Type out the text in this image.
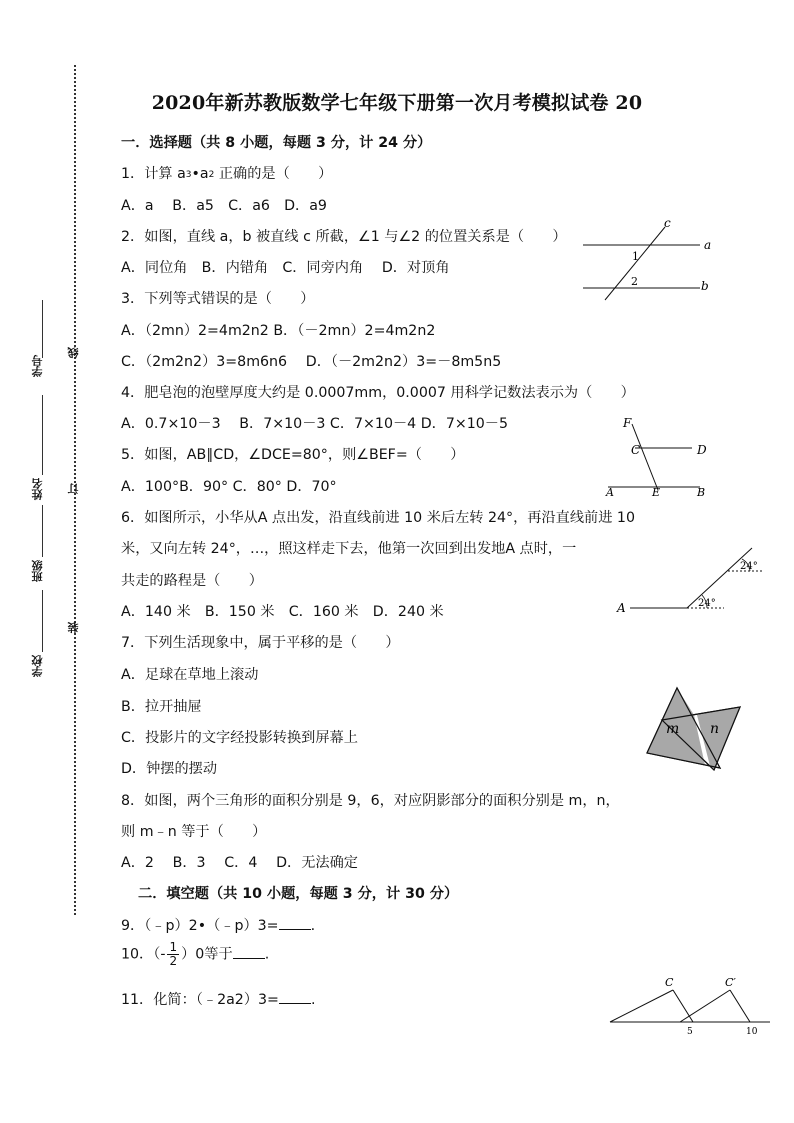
学号
姓名
班级
学校
线
订
装
2020年新苏教版数学七年级下册第一次月考模拟试卷 20
一．选择题（共 8 小题，每题 3 分，计 24 分）
1．计算 a3•a2 正确的是（　　）
A．a　 B．a5　C．a6　D．a9
2．如图，直线 a，b 被直线 c 所截，∠1 与∠2 的位置关系是（　　）
A．同位角　B．内错角　C．同旁内角　 D．对顶角
3．下列等式错误的是（　　）
A．（2mn）2=4m2n2 B．（－2mn）2=4m2n2
C．（2m2n2）3=8m6n6　 D．（－2m2n2）3=－8m5n5
4．肥皂泡的泡壁厚度大约是 0.0007mm，0.0007 用科学记数法表示为（　　）
A．0.7×10－3　 B．7×10－3 C．7×10－4 D．7×10－5
5．如图，AB∥CD，∠DCE=80°，则∠BEF=（　　）
A．100°B．90° C．80° D．70°
6．如图所示，小华从A 点出发，沿直线前进 10 米后左转 24°，再沿直线前进 10
米，又向左转 24°，…，照这样走下去，他第一次回到出发地A 点时，一
共走的路程是（　　）
A．140 米　B．150 米　C．160 米　D．240 米
7．下列生活现象中，属于平移的是（　　）
A．足球在草地上滚动
B．拉开抽屉
C．投影片的文字经投影转换到屏幕上
D．钟摆的摆动
8．如图，两个三角形的面积分别是 9，6，对应阴影部分的面积分别是 m，n，
则 m﹣n 等于（　　）
A．2　 B．3　 C．4　 D．无法确定
二．填空题（共 10 小题，每题 3 分，计 30 分）
9．（﹣p）2•（﹣p）3= .
10．（- $\frac{1}{2} )0$等于 .
11．化简：（﹣2a2）3= .
a
b
c
1
2
F
C	D
A	E	B
A	24°
24°
m n
C	C′
5	10
